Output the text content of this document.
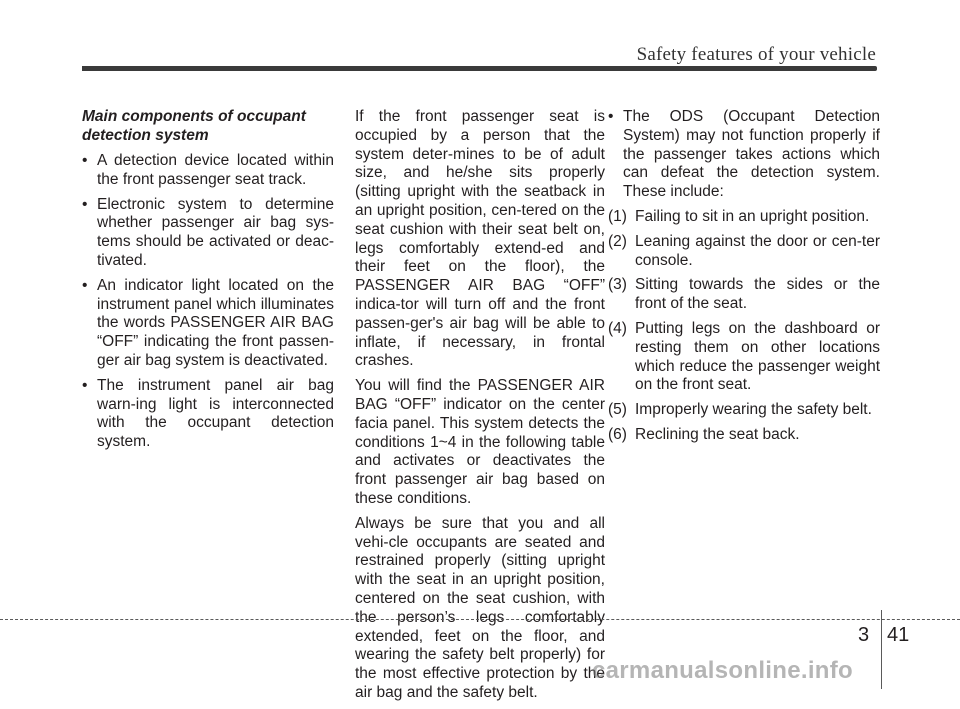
Safety features of your vehicle
Main components of occupant detection system
• A detection device located within the front passenger seat track.
• Electronic system to determine whether passenger air bag sys-tems should be activated or deac-tivated.
• An indicator light located on the instrument panel which illuminates the words PASSENGER AIR BAG “OFF” indicating the front passen-ger air bag system is deactivated.
• The instrument panel air bag warn-ing light is interconnected with the occupant detection system.

If the front passenger seat is occupied by a person that the system deter-mines to be of adult size, and he/she sits properly (sitting upright with the seatback in an upright position, cen-tered on the seat cushion with their seat belt on, legs comfortably extend-ed and their feet on the floor), the PASSENGER AIR BAG “OFF” indica-tor will turn off and the front passen-ger's air bag will be able to inflate, if necessary, in frontal crashes.

You will find the PASSENGER AIR BAG “OFF” indicator on the center facia panel. This system detects the conditions 1~4 in the following table and activates or deactivates the front passenger air bag based on these conditions.

Always be sure that you and all vehi-cle occupants are seated and restrained properly (sitting upright with the seat in an upright position, centered on the seat cushion, with the person’s legs comfortably extended, feet on the floor, and wearing the safety belt properly) for the most effective protection by the air bag and the safety belt.

• The ODS (Occupant Detection System) may not function properly if the passenger takes actions which can defeat the detection system. These include:
(1) Failing to sit in an upright position.
(2) Leaning against the door or cen-ter console.
(3) Sitting towards the sides or the front of the seat.
(4) Putting legs on the dashboard or resting them on other locations which reduce the passenger weight on the front seat.
(5) Improperly wearing the safety belt.
(6) Reclining the seat back.
3 41
carmanualsonline.info
